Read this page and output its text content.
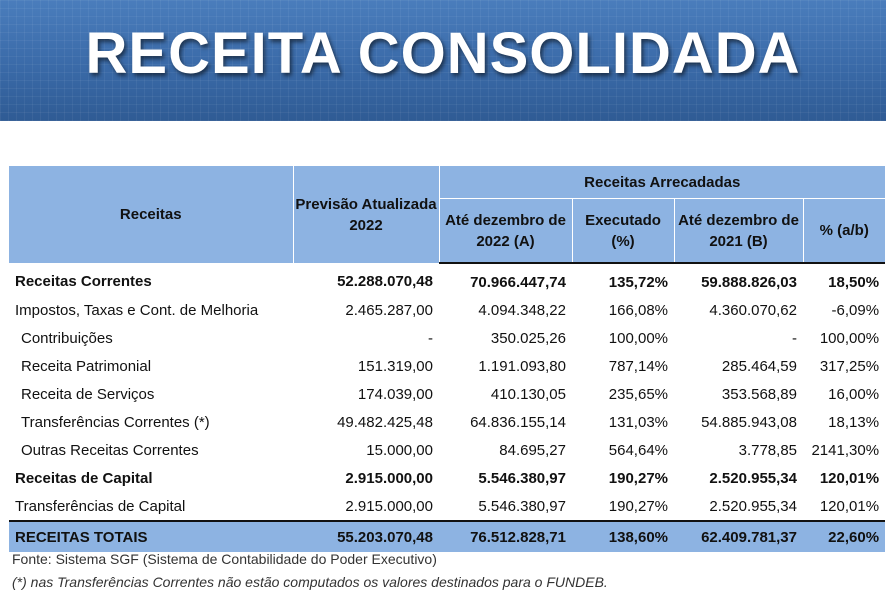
RECEITA CONSOLIDADA
Receitas	Previsão Atualizada 2022	Receitas Arrecadadas			
		Até dezembro de 2022 (A)	Executado (%)	Até dezembro de 2021 (B)	% (a/b)
Receitas Correntes	52.288.070,48	70.966.447,74	135,72%	59.888.826,03	18,50%
Impostos, Taxas e Cont. de Melhoria	2.465.287,00	4.094.348,22	166,08%	4.360.070,62	-6,09%
Contribuições	-	350.025,26	100,00%	-	100,00%
Receita Patrimonial	151.319,00	1.191.093,80	787,14%	285.464,59	317,25%
Receita de Serviços	174.039,00	410.130,05	235,65%	353.568,89	16,00%
Transferências Correntes (*)	49.482.425,48	64.836.155,14	131,03%	54.885.943,08	18,13%
Outras Receitas Correntes	15.000,00	84.695,27	564,64%	3.778,85	2141,30%
Receitas de Capital	2.915.000,00	5.546.380,97	190,27%	2.520.955,34	120,01%
Transferências de Capital	2.915.000,00	5.546.380,97	190,27%	2.520.955,34	120,01%
RECEITAS TOTAIS	55.203.070,48	76.512.828,71	138,60%	62.409.781,37	22,60%
Fonte: Sistema SGF (Sistema de Contabilidade do Poder Executivo)
(*) nas Transferências Correntes não estão computados os valores destinados para o FUNDEB.
